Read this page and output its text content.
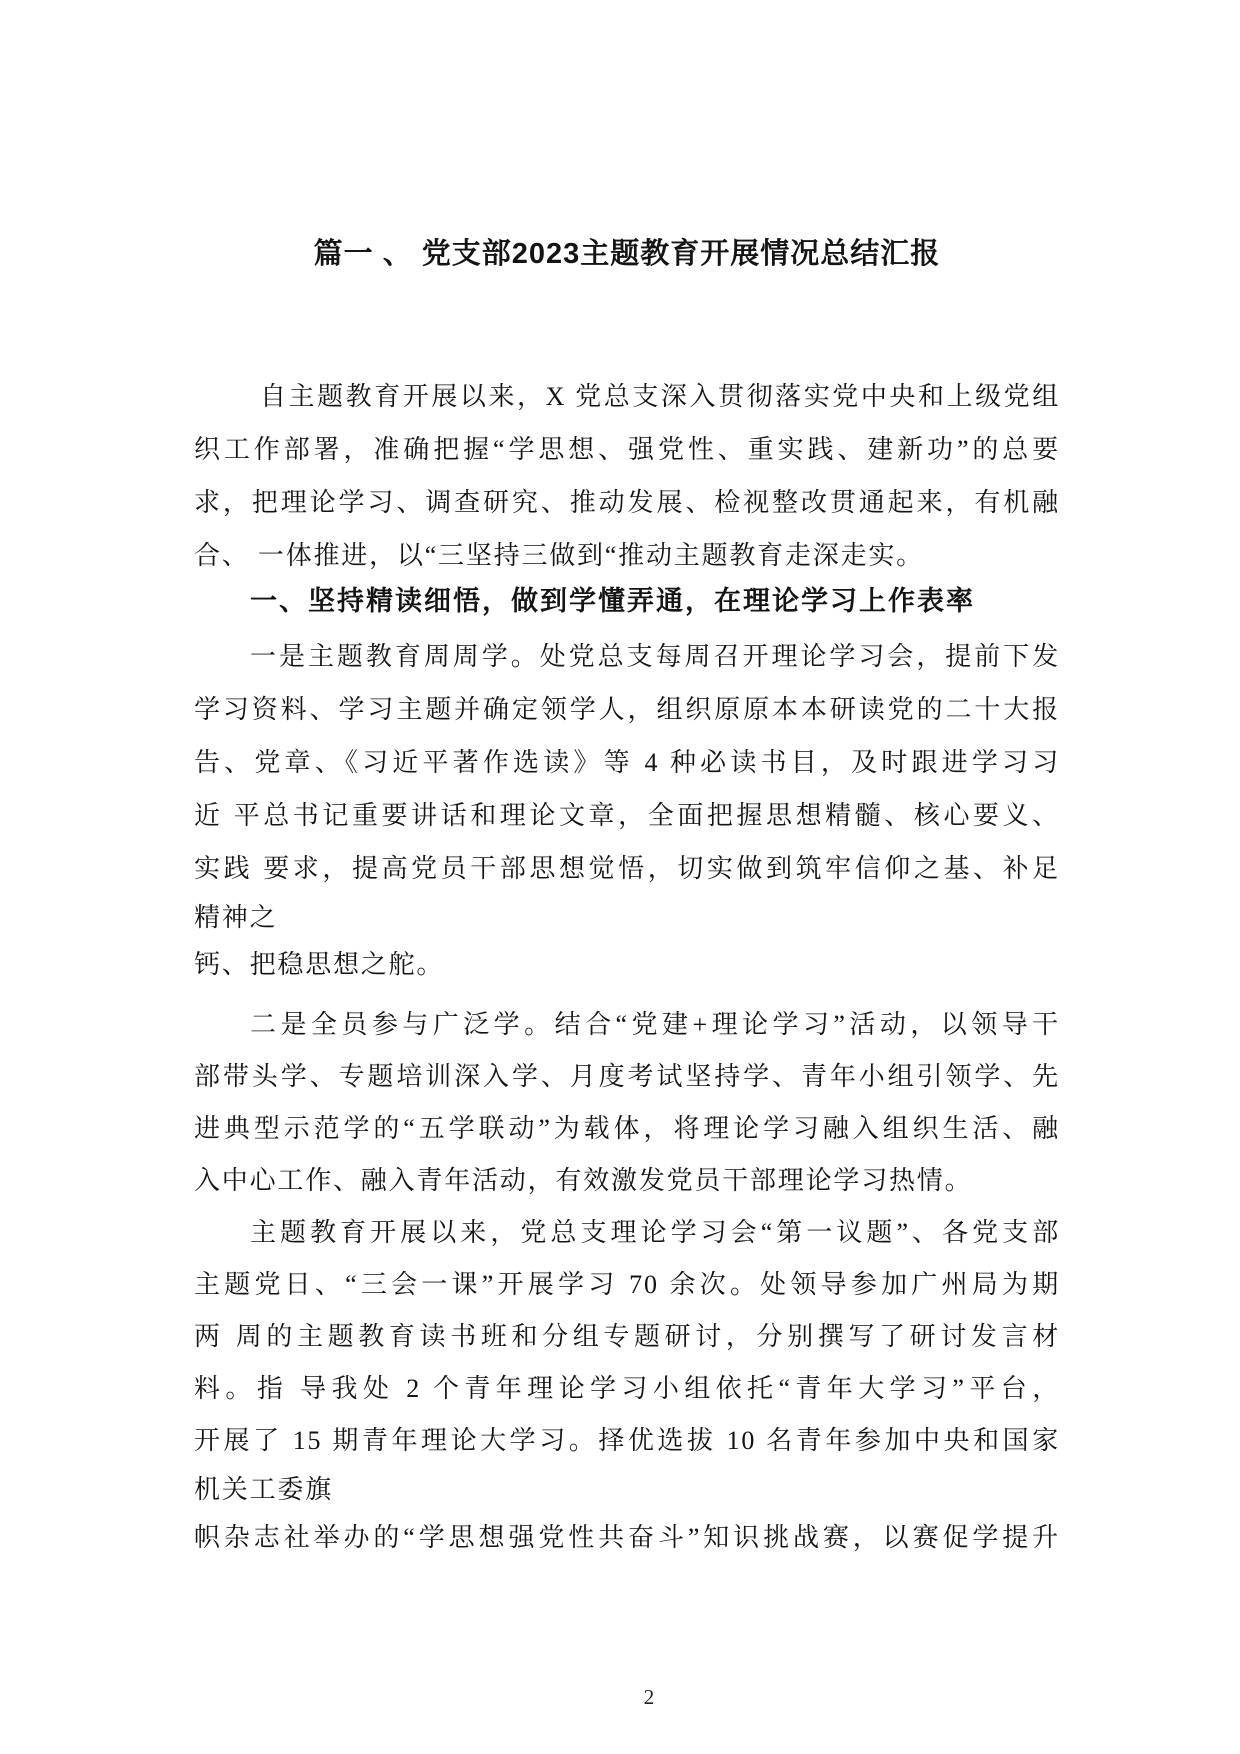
篇一 、 党支部2023主题教育开展情况总结汇报
自主题教育开展以来，X 党总支深入贯彻落实党中央和上级党组
织工作部署，准确把握“学思想、强党性、重实践、建新功”的总要
求，把理论学习、调查研究、推动发展、检视整改贯通起来，有机融
合、 一体推进，以“三坚持三做到“推动主题教育走深走实。
一、坚持精读细悟，做到学懂弄通，在理论学习上作表率
一是主题教育周周学。处党总支每周召开理论学习会，提前下发
学习资料、学习主题并确定领学人，组织原原本本研读党的二十大报
告、党章、《习近平著作选读》等 4 种必读书目，及时跟进学习习
近 平总书记重要讲话和理论文章，全面把握思想精髓、核心要义、
实践 要求，提高党员干部思想觉悟，切实做到筑牢信仰之基、补足
精神之
钙、把稳思想之舵。
二是全员参与广泛学。结合“党建+理论学习”活动，以领导干
部带头学、专题培训深入学、月度考试坚持学、青年小组引领学、先
进典型示范学的“五学联动”为载体，将理论学习融入组织生活、融
入中心工作、融入青年活动，有效激发党员干部理论学习热情。
主题教育开展以来，党总支理论学习会“第一议题”、各党支部
主题党日、“三会一课”开展学习 70 余次。处领导参加广州局为期
两 周的主题教育读书班和分组专题研讨，分别撰写了研讨发言材
料。指 导我处 2 个青年理论学习小组依托“青年大学习”平台，
开展了 15 期青年理论大学习。择优选拔 10 名青年参加中央和国家
机关工委旗
帜杂志社举办的“学思想强党性共奋斗”知识挑战赛，以赛促学提升
2
